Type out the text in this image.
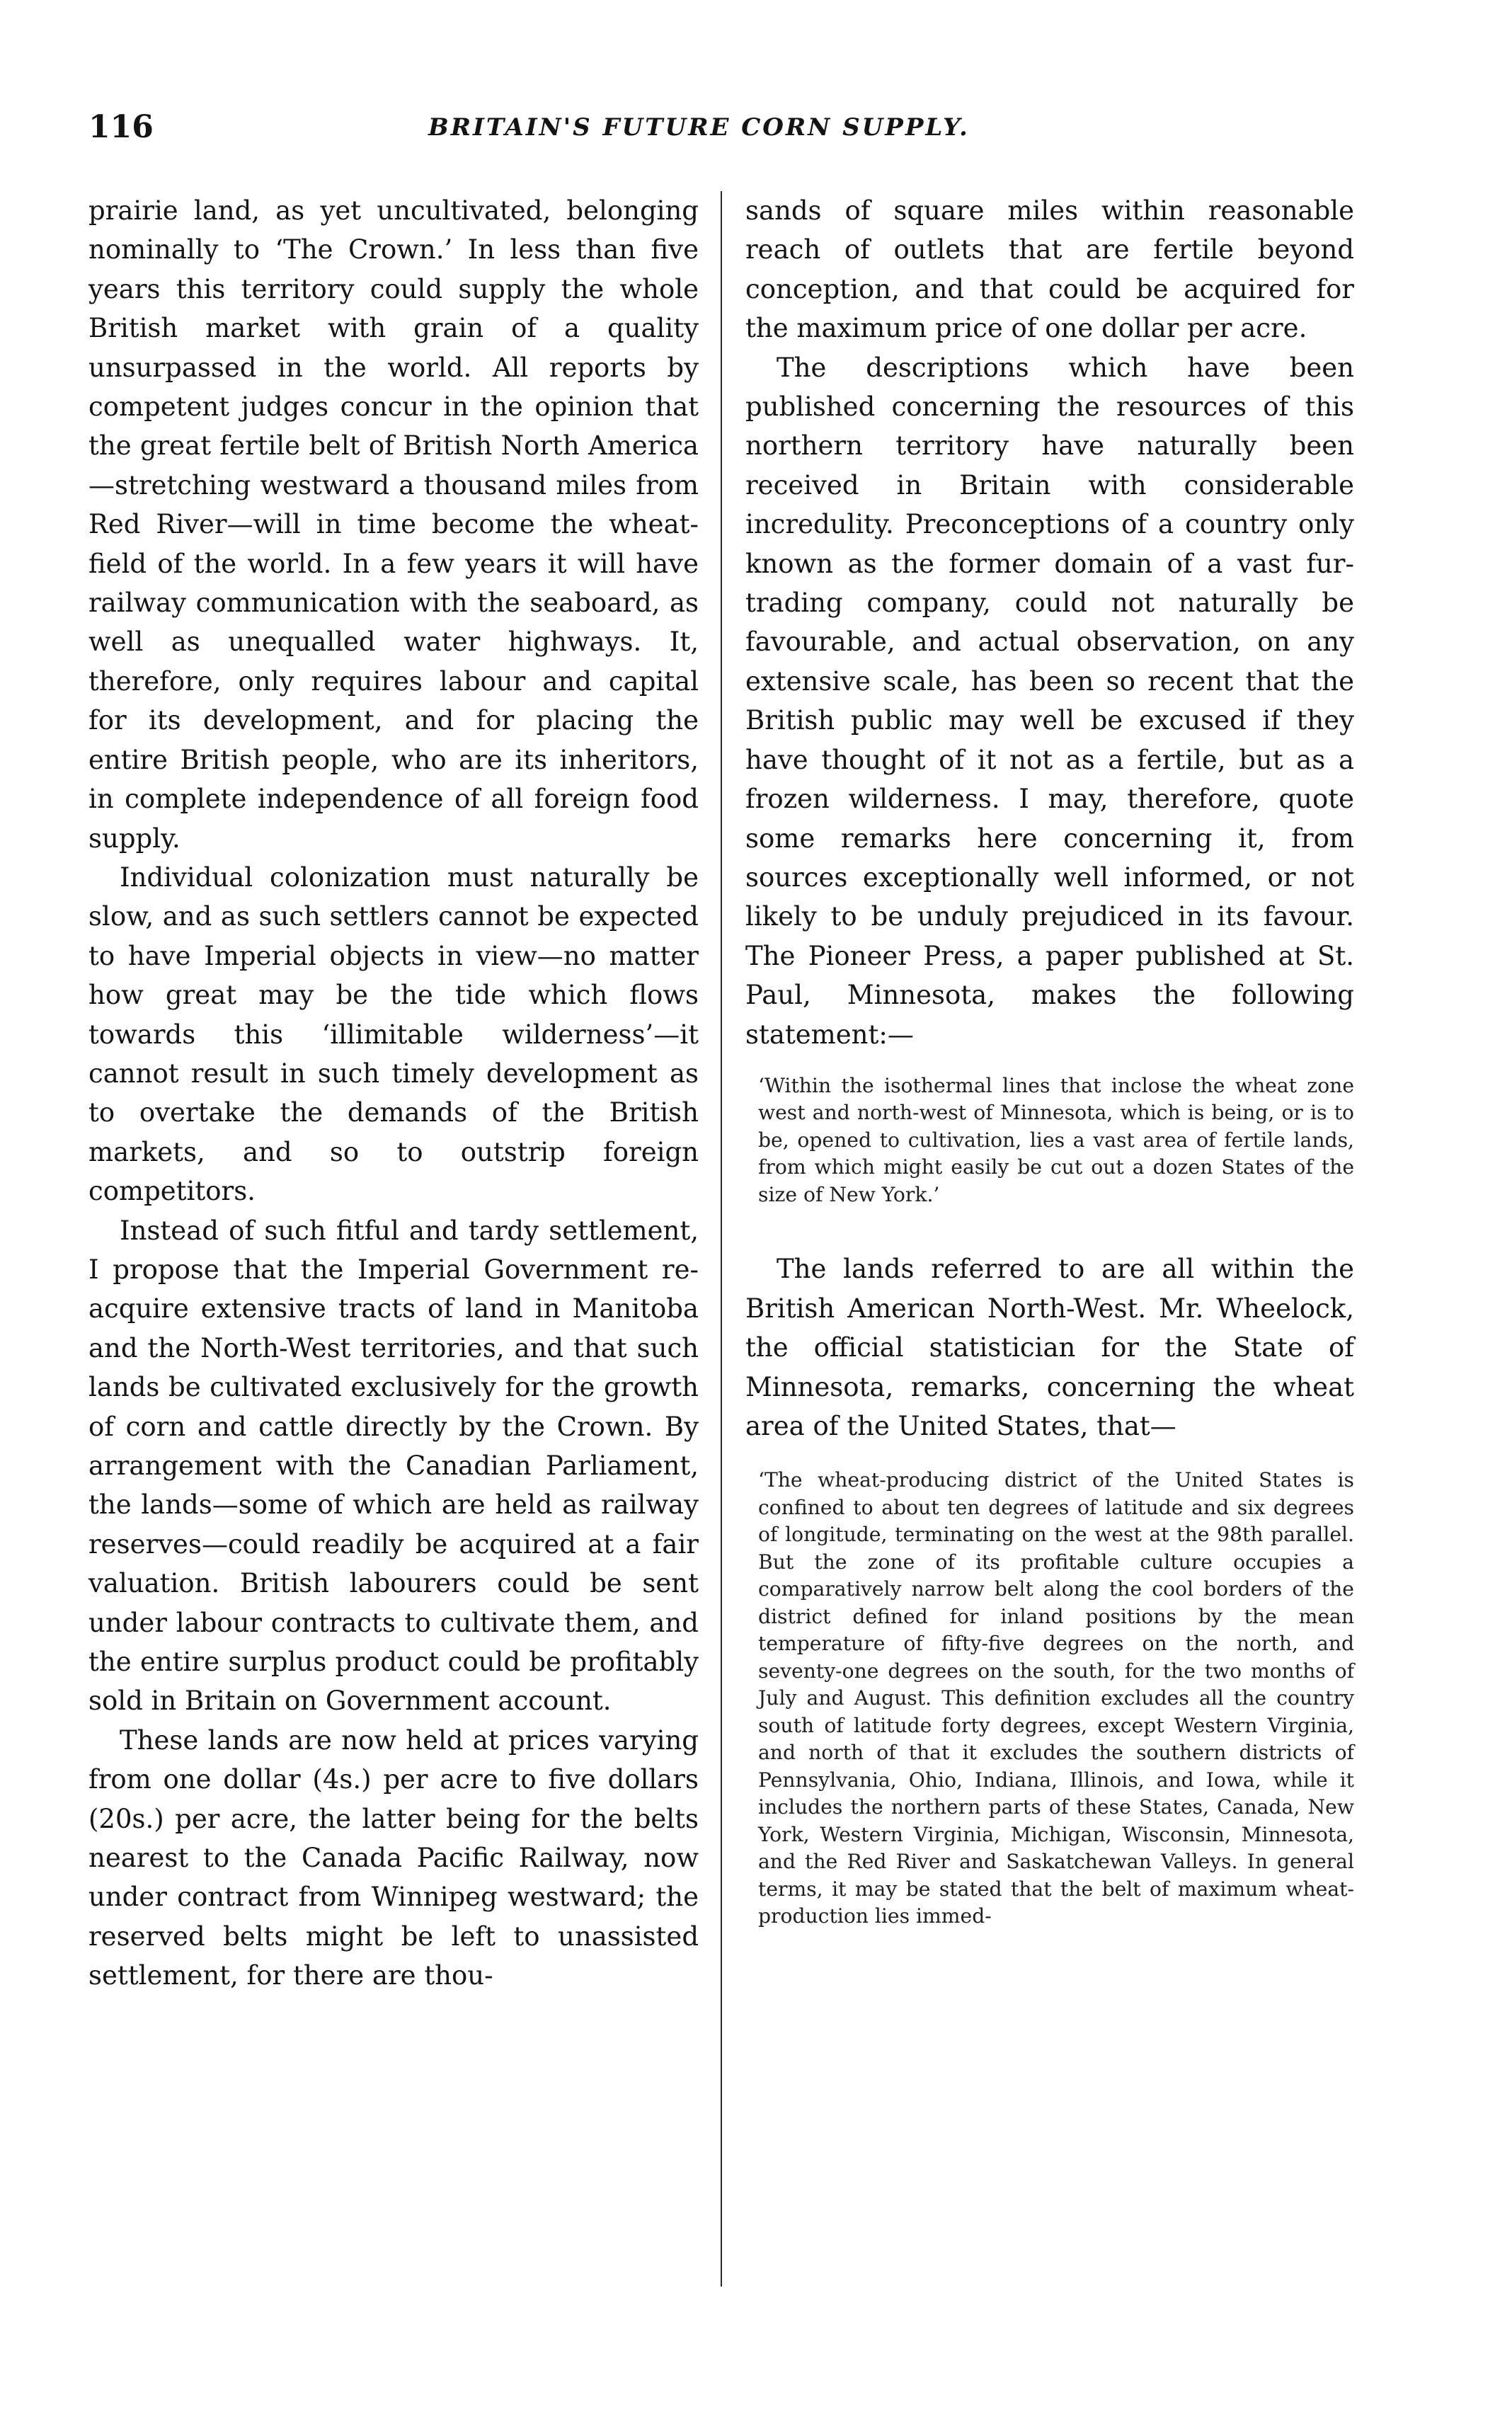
116	BRITAIN'S FUTURE CORN SUPPLY.

prairie land, as yet uncultivated, belonging nominally to ‘The Crown.’ In less than five years this territory could supply the whole British market with grain of a quality unsurpassed in the world. All reports by competent judges concur in the opinion that the great fertile belt of British North America—stretching westward a thousand miles from Red River—will in time become the wheat-field of the world. In a few years it will have railway communication with the seaboard, as well as unequalled water highways. It, therefore, only requires labour and capital for its development, and for placing the entire British people, who are its inheritors, in complete independence of all foreign food supply.

Individual colonization must naturally be slow, and as such settlers cannot be expected to have Imperial objects in view—no matter how great may be the tide which flows towards this ‘illimitable wilderness’—it cannot result in such timely development as to overtake the demands of the British markets, and so to outstrip foreign competitors.

Instead of such fitful and tardy settlement, I propose that the Imperial Government re-acquire extensive tracts of land in Manitoba and the North-West territories, and that such lands be cultivated exclusively for the growth of corn and cattle directly by the Crown. By arrangement with the Canadian Parliament, the lands—some of which are held as railway reserves—could readily be acquired at a fair valuation. British labourers could be sent under labour contracts to cultivate them, and the entire surplus product could be profitably sold in Britain on Government account.

These lands are now held at prices varying from one dollar (4s.) per acre to five dollars (20s.) per acre, the latter being for the belts nearest to the Canada Pacific Railway, now under contract from Winnipeg westward; the reserved belts might be left to unassisted settlement, for there are thou-

sands of square miles within reasonable reach of outlets that are fertile beyond conception, and that could be acquired for the maximum price of one dollar per acre.

The descriptions which have been published concerning the resources of this northern territory have naturally been received in Britain with considerable incredulity. Preconceptions of a country only known as the former domain of a vast fur-trading company, could not naturally be favourable, and actual observation, on any extensive scale, has been so recent that the British public may well be excused if they have thought of it not as a fertile, but as a frozen wilderness. I may, therefore, quote some remarks here concerning it, from sources exceptionally well informed, or not likely to be unduly prejudiced in its favour. The Pioneer Press, a paper published at St. Paul, Minnesota, makes the following statement:—

‘Within the isothermal lines that inclose the wheat zone west and north-west of Minnesota, which is being, or is to be, opened to cultivation, lies a vast area of fertile lands, from which might easily be cut out a dozen States of the size of New York.’

The lands referred to are all within the British American North-West. Mr. Wheelock, the official statistician for the State of Minnesota, remarks, concerning the wheat area of the United States, that—

‘The wheat-producing district of the United States is confined to about ten degrees of latitude and six degrees of longitude, terminating on the west at the 98th parallel. But the zone of its profitable culture occupies a comparatively narrow belt along the cool borders of the district defined for inland positions by the mean temperature of fifty-five degrees on the north, and seventy-one degrees on the south, for the two months of July and August. This definition excludes all the country south of latitude forty degrees, except Western Virginia, and north of that it excludes the southern districts of Pennsylvania, Ohio, Indiana, Illinois, and Iowa, while it includes the northern parts of these States, Canada, New York, Western Virginia, Michigan, Wisconsin, Minnesota, and the Red River and Saskatchewan Valleys. In general terms, it may be stated that the belt of maximum wheat-production lies immed-
